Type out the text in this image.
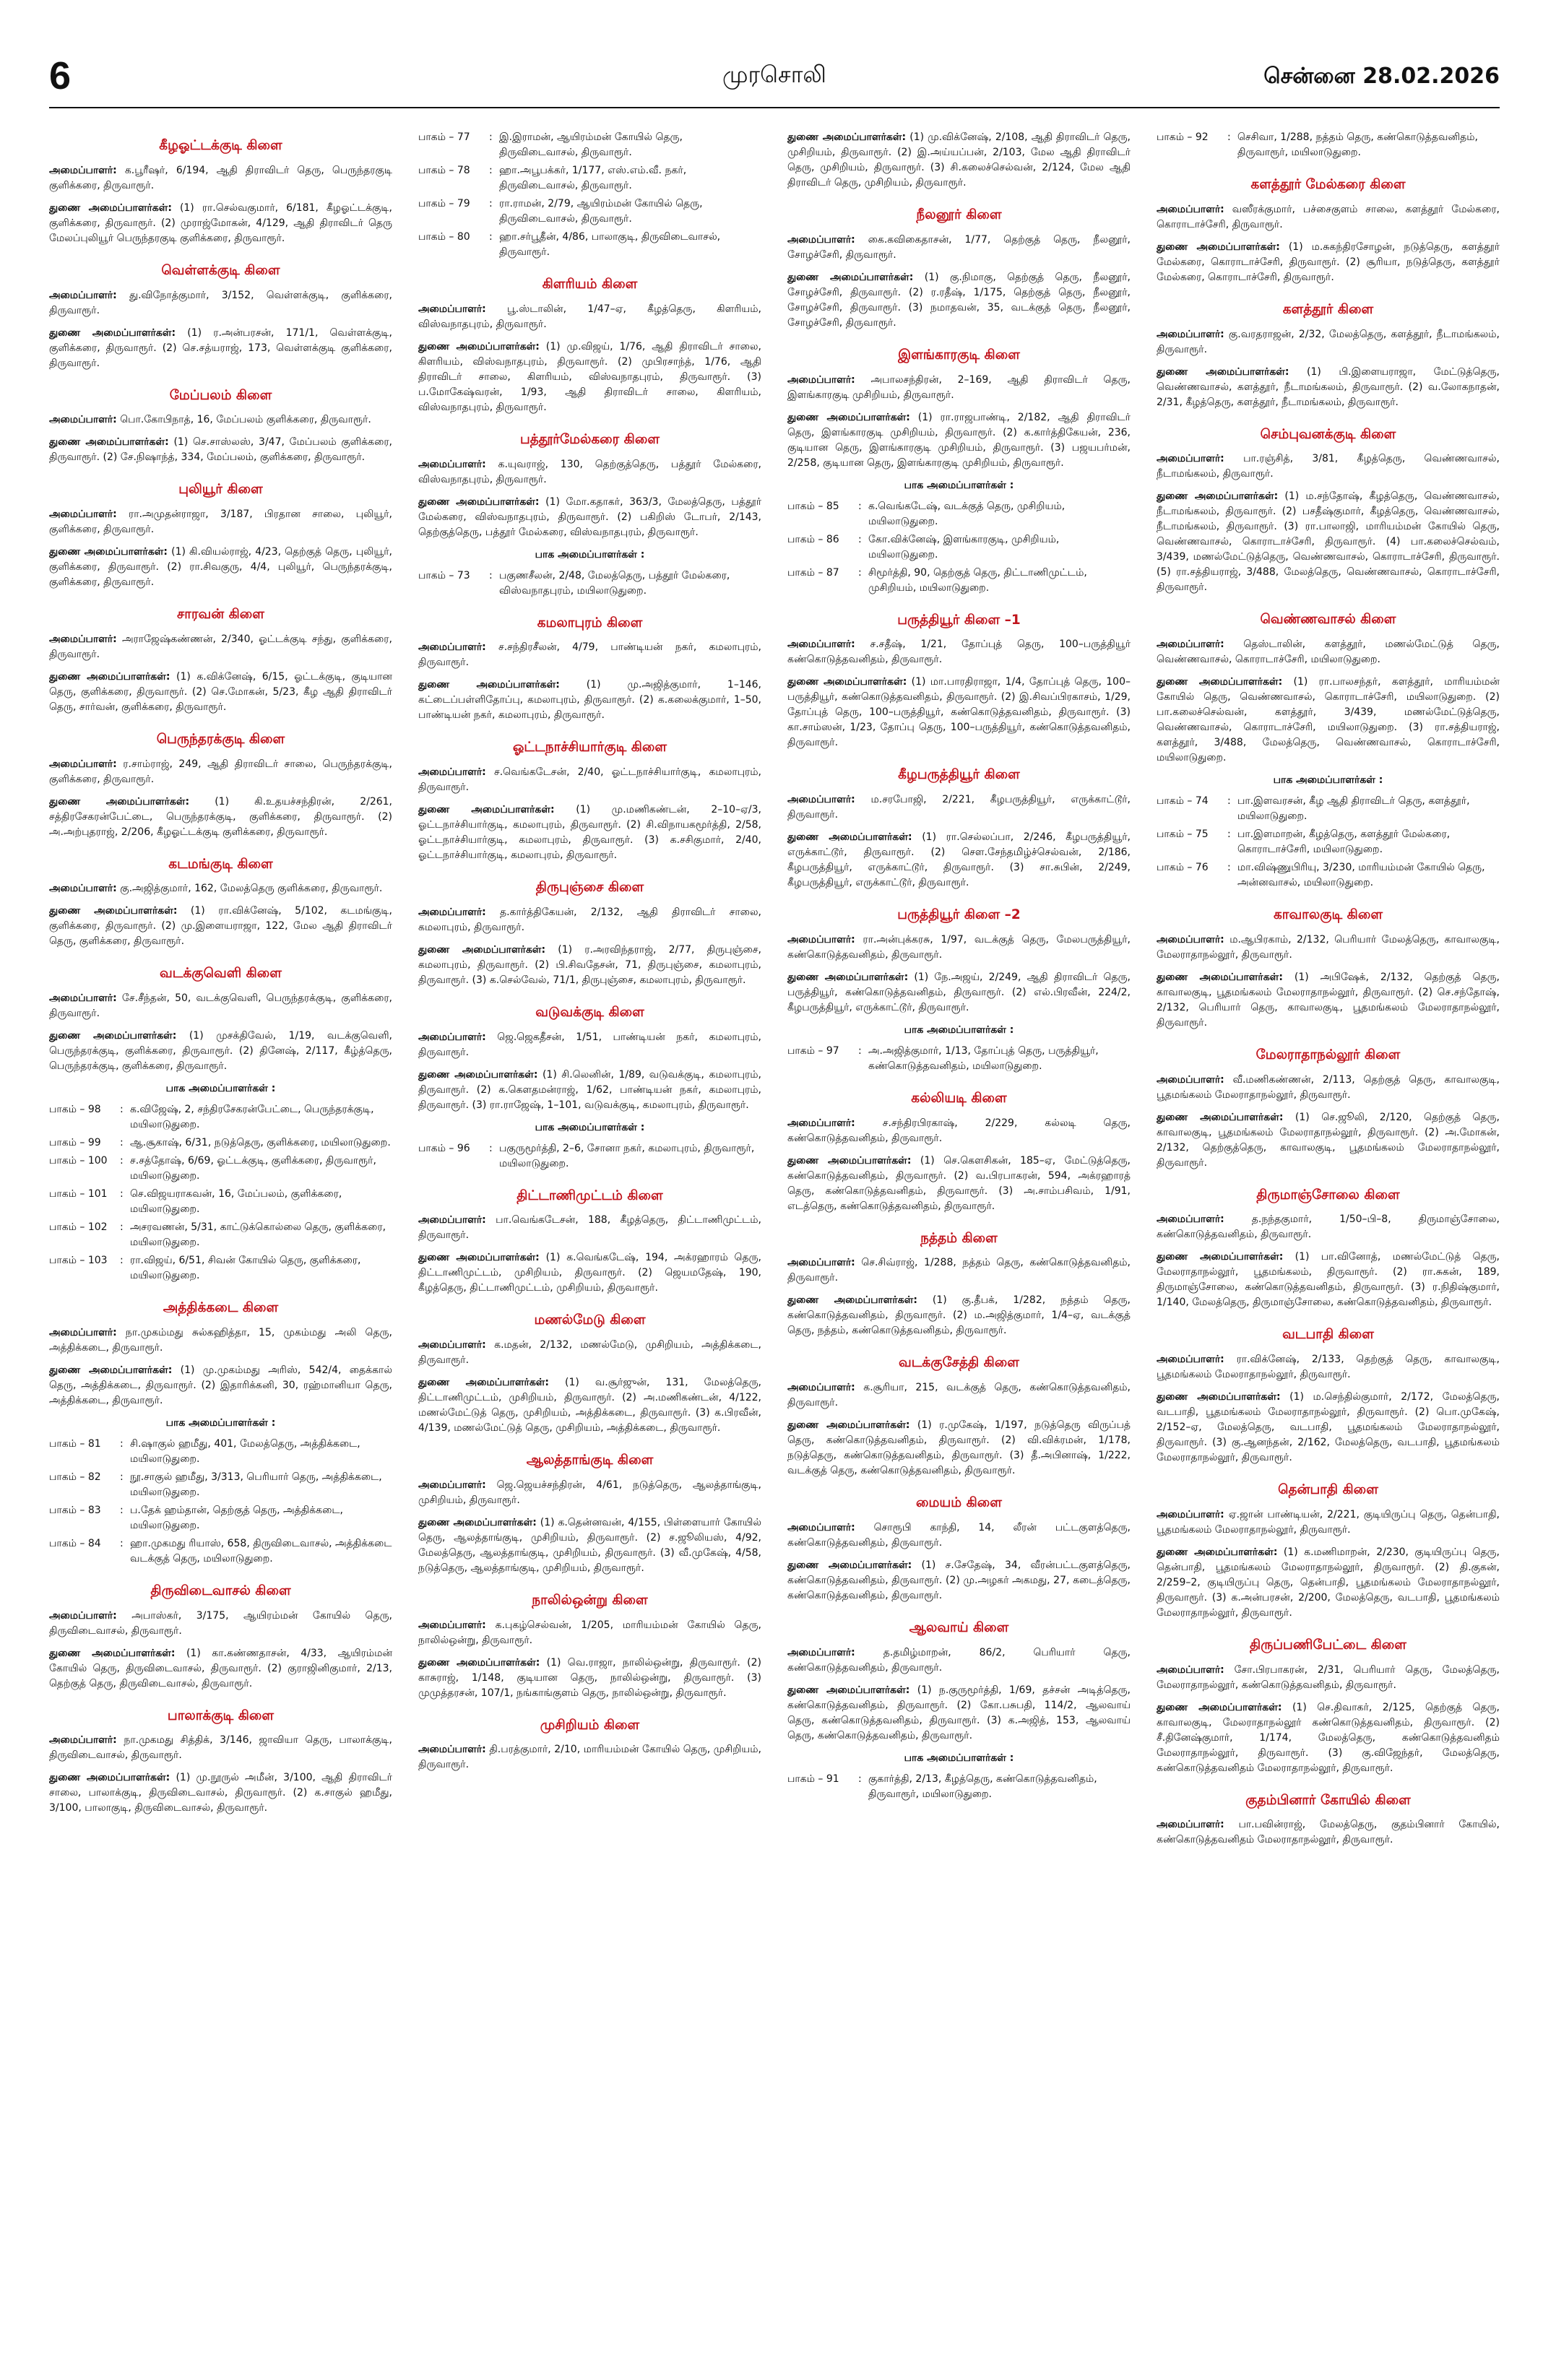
6	முரசொலி	சென்னை 28.02.2026
கீழஓட்டக்குடி கிளை

அமைப்பாளர்: க.பூரீஷர், 6/194, ஆதி திராவிடர் தெரு, பெருந்தரகுடி குளிக்கரை, திருவாரூர்.

துணை அமைப்பாளர்கள்: (1) ரா.செல்வகுமார், 6/181, கீழஓட்டக்குடி, குளிக்கரை, திருவாரூர். (2) முராஜ்மோகன், 4/129, ஆதி திராவிடர் தெரு மேலப்புலியூர் பெருந்தரகுடி குளிக்கரை, திருவாரூர்.

வெள்ளக்குடி கிளை

அமைப்பாளர்: து.விநோத்குமார், 3/152, வெள்ளக்குடி, குளிக்கரை, திருவாரூர்.

துணை அமைப்பாளர்கள்: (1) ர.அன்பரசன், 171/1, வெள்ளக்குடி, குளிக்கரை, திருவாரூர். (2) செ.சத்யராஜ், 173, வெள்ளக்குடி குளிக்கரை, திருவாரூர்.

மேப்பலம் கிளை

அமைப்பாளர்: பொ.கோபிநாத், 16, மேப்பலம் குளிக்கரை, திருவாரூர்.

துணை அமைப்பாளர்கள்: (1) செ.சாஸ்லஸ், 3/47, மேப்பலம் குளிக்கரை, திருவாரூர். (2) சே.நிஷாந்த், 334, மேப்பலம், குளிக்கரை, திருவாரூர்.

புலியூர் கிளை

அமைப்பாளர்: ரா.அமுதன்ராஜா, 3/187, பிரதான சாலை, புலியூர், குளிக்கரை, திருவாரூர்.

துணை அமைப்பாளர்கள்: (1) கி.வியல்ராஜ், 4/23, தெற்குத் தெரு, புலியூர், குளிக்கரை, திருவாரூர். (2) ரா.சிவகுரு, 4/4, புலியூர், பெருந்தரக்குடி, குளிக்கரை, திருவாரூர்.

சாரவன் கிளை

அமைப்பாளர்: அராஜேஷ்கண்ணன், 2/340, ஓட்டக்குடி சந்து, குளிக்கரை, திருவாரூர்.

துணை அமைப்பாளர்கள்: (1) க.விக்னேஷ், 6/15, ஓட்டக்குடி, குடியான தெரு, குளிக்கரை, திருவாரூர். (2) செ.மோகன், 5/23, கீழ ஆதி திராவிடர் தெரு, சார்வன், குளிக்கரை, திருவாரூர்.

பெருந்தரக்குடி கிளை

அமைப்பாளர்: ர.சாம்ராஜ், 249, ஆதி திராவிடர் சாலை, பெருந்தரக்குடி, குளிக்கரை, திருவாரூர்.

துணை அமைப்பாளர்கள்:	(1) கி.உதயச்சந்திரன், 2/261, சத்திரசேகரன்பேட்டை, பெருந்தரக்குடி, குளிக்கரை, திருவாரூர். (2) அ.அற்புதராஜ், 2/206, கீழஓட்டக்குடி குளிக்கரை, திருவாரூர்.

கடமங்குடி கிளை

அமைப்பாளர்: கு.அஜித்குமார், 162, மேலத்தெரு குளிக்கரை, திருவாரூர்.

துணை அமைப்பாளர்கள்: (1) ரா.விக்னேஷ், 5/102, கடமங்குடி, குளிக்கரை, திருவாரூர். (2) மு.இளையராஜா, 122, மேல ஆதி திராவிடர் தெரு, குளிக்கரை, திருவாரூர்.

வடக்குவெளி கிளை

அமைப்பாளர்: சே.சீந்தன், 50, வடக்குவெளி, பெருந்தரக்குடி, குளிக்கரை, திருவாரூர்.

துணை அமைப்பாளர்கள்: (1) முசக்திவேல், 1/19, வடக்குவெளி, பெருந்தரக்குடி, குளிக்கரை, திருவாரூர். (2) தினேஷ், 2/117, கீழ்த்தெரு, பெருந்தரக்குடி, குளிக்கரை, திருவாரூர்.

பாக அமைப்பாளர்கள் :
பாகம் – 98	: க.விஜேஷ், 2, சந்திரசேகரன்பேட்டை, பெருந்தரக்குடி, மயிலாடுதுறை.
பாகம் – 99	: ஆ.சூகாஷ், 6/31, நடுத்தெரு, குளிக்கரை, மயிலாடுதுறை.
பாகம் – 100	: ச.சத்தோஷ், 6/69, ஓட்டக்குடி, குளிக்கரை, திருவாரூர், மயிலாடுதுறை.
பாகம் – 101	: செ.விஜயராகவன், 16, மேப்பலம், குளிக்கரை, மயிலாடுதுறை.
பாகம் – 102	: அசரவணன், 5/31, காட்டுக்கொல்லை தெரு, குளிக்கரை, மயிலாடுதுறை.
பாகம் – 103	: ரா.விஜய், 6/51, சிவன் கோயில் தெரு, குளிக்கரை, மயிலாடுதுறை.
அத்திக்கடை கிளை

அமைப்பாளர்: நா.முகம்மது சுல்கஹித்தா, 15, முகம்மது அலி தெரு, அத்திக்கடை, திருவாரூர்.

துணை அமைப்பாளர்கள்: (1) மு.முகம்மது அரிஸ், 542/4, தைக்கால் தெரு, அத்திக்கடை, திருவாரூர். (2) இதாரிக்கனி, 30, ரஹ்மானியா தெரு, அத்திக்கடை, திருவாரூர்.

பாக அமைப்பாளர்கள் :
பாகம் – 81	: சி.ஷாகுல் ஹமீது, 401, மேலத்தெரு, அத்திக்கடை, மயிலாடுதுறை.
பாகம் – 82	: நூ.சாகுல் ஹமீது, 3/313, பெரியார் தெரு, அத்திக்கடை, மயிலாடுதுறை.
பாகம் – 83	: ப.தேக் ஹம்தான், தெற்குத் தெரு, அத்திக்கடை, மயிலாடுதுறை.
பாகம் – 84	: ஹா.முகமது ரியாஸ், 658, திருவிடைவாசல், அத்திக்கடை வடக்குத் தெரு, மயிலாடுதுறை.
திருவிடைவாசல் கிளை

அமைப்பாளர்: அபாஸ்கர், 3/175, ஆயிரம்மன் கோயில் தெரு, திருவிடைவாசல், திருவாரூர்.

துணை அமைப்பாளர்கள்: (1) கா.கண்ணதாசன், 4/33, ஆயிரம்மன் கோயில் தெரு, திருவிடைவாசல், திருவாரூர். (2) குராஜினிகுமார், 2/13, தெற்குத் தெரு, திருவிடைவாசல், திருவாரூர்.

பாலாக்குடி கிளை

அமைப்பாளர்: நா.முகமது சித்திக், 3/146, ஜாவியா தெரு, பாலாக்குடி, திருவிடைவாசல், திருவாரூர்.

துணை அமைப்பாளர்கள்: (1) மு.நூருல் அமீன், 3/100, ஆதி திராவிடர் சாலை, பாலாக்குடி, திருவிடைவாசல், திருவாரூர். (2) க.சாகுல் ஹமீது, 3/100, பாலாகுடி, திருவிடைவாசல், திருவாரூர்.

பாகம் – 77	: இ.இராமன், ஆயிரம்மன் கோயில் தெரு, திருவிடைவாசல், திருவாரூர்.
பாகம் – 78	: ஹா.அபூபக்கர், 1/177, எஸ்.எம்.வீ. நகர், திருவிடைவாசல், திருவாரூர்.
பாகம் – 79	: ரா.ராமன், 2/79, ஆயிரம்மன் கோயில் தெரு, திருவிடைவாசல், திருவாரூர்.
பாகம் – 80	: ஹா.சர்பூதீன், 4/86, பாலாகுடி, திருவிடைவாசல், திருவாரூர்.
கிளரியம் கிளை

அமைப்பாளர்: பூ.ஸ்டாலின், 1/47–ஏ, கீழத்தெரு, கிளரியம், விஸ்வநாதபுரம், திருவாரூர்.

துணை அமைப்பாளர்கள்: (1) மு.விஜய், 1/76, ஆதி திராவிடர் சாலை, கிளரியம், விஸ்வநாதபுரம், திருவாரூர். (2) முபிரசாந்த், 1/76, ஆதி திராவிடர் சாலை, கிளரியம், விஸ்வநாதபுரம், திருவாரூர். (3) ப.மோகேஷ்வரன், 1/93, ஆதி திராவிடர் சாலை, கிளரியம், விஸ்வநாதபுரம், திருவாரூர்.

பத்தூர்மேல்கரை கிளை

அமைப்பாளர்: க.யுவராஜ், 130, தெற்குத்தெரு, பத்தூர் மேல்கரை, விஸ்வநாதபுரம், திருவாரூர்.

துணை அமைப்பாளர்கள்: (1) மோ.கதாகர், 363/3, மேலத்தெரு, பத்தூர் மேல்கரை, விஸ்வநாதபுரம், திருவாரூர். (2) பகிறிஸ் டோபர், 2/143, தெற்குத்தெரு, பத்தூர் மேல்கரை, விஸ்வநாதபுரம், திருவாரூர்.

பாக அமைப்பாளர்கள் :
பாகம் – 73	: பகுணசீலன், 2/48, மேலத்தெரு, பத்தூர் மேல்கரை, விஸ்வநாதபுரம், மயிலாடுதுறை.
கமலாபுரம் கிளை

அமைப்பாளர்: ச.சந்திரசீலன், 4/79, பாண்டியன் நகர், கமலாபுரம், திருவாரூர்.

துணை அமைப்பாளர்கள்:	(1) மு.அஜித்குமார், 1–146, கட்டைப்பள்ளிதோப்பு, கமலாபுரம், திருவாரூர். (2) க.கலைக்குமார், 1–50, பாண்டியன் நகர், கமலாபுரம், திருவாரூர்.

ஓட்டநாச்சியார்குடி கிளை

அமைப்பாளர்: ச.வெங்கடேசன், 2/40, ஓட்டநாச்சியார்குடி, கமலாபுரம், திருவாரூர்.

துணை அமைப்பாளர்கள்: (1) மு.மணிகண்டன், 2–10–ஏ/3, ஓட்டநாச்சியார்குடி, கமலாபுரம், திருவாரூர். (2) சி.விநாயகமூர்த்தி, 2/58, ஓட்டநாச்சியார்குடி, கமலாபுரம், திருவாரூர். (3) க.சசிகுமார், 2/40, ஓட்டநாச்சியார்குடி, கமலாபுரம், திருவாரூர்.

திருபுஞ்சை கிளை

அமைப்பாளர்: த.கார்த்திகேயன், 2/132, ஆதி திராவிடர் சாலை, கமலாபுரம், திருவாரூர்.

துணை அமைப்பாளர்கள்: (1) ர.அரவிந்தராஜ், 2/77, திருபுஞ்சை, கமலாபுரம், திருவாரூர். (2) பி.சிவதேசன், 71, திருபுஞ்சை, கமலாபுரம், திருவாரூர். (3) க.செல்வேல், 71/1, திருபுஞ்சை, கமலாபுரம், திருவாரூர்.

வடுவக்குடி கிளை

அமைப்பாளர்: ஜெ.ஜெகதீசன், 1/51, பாண்டியன் நகர், கமலாபுரம், திருவாரூர்.

துணை அமைப்பாளர்கள்: (1) சி.லெனின், 1/89, வடுவக்குடி, கமலாபுரம், திருவாரூர். (2) க.கௌதமன்ராஜ், 1/62, பாண்டியன் நகர், கமலாபுரம், திருவாரூர். (3) ரா.ராஜேஷ், 1–101, வடுவக்குடி, கமலாபுரம், திருவாரூர்.

பாக அமைப்பாளர்கள் :
பாகம் – 96	: பகுருமூர்த்தி, 2–6, சோனா நகர், கமலாபுரம், திருவாரூர், மயிலாடுதுறை.
திட்டாணிமுட்டம் கிளை

அமைப்பாளர்: பா.வெங்கடேசன், 188, கீழத்தெரு, திட்டாணிமுட்டம், திருவாரூர்.

துணை அமைப்பாளர்கள்: (1) க.வெங்கடேஷ், 194, அக்ரஹாரம் தெரு, திட்டாணிமுட்டம், முசிறியம், திருவாரூர். (2) ஜெயமதேஷ், 190, கீழத்தெரு, திட்டாணிமுட்டம், முசிறியம், திருவாரூர்.

மணல்மேடு கிளை

அமைப்பாளர்: க.மதன், 2/132, மணல்மேடு, முசிறியம், அத்திக்கடை, திருவாரூர்.

துணை அமைப்பாளர்கள்: (1) வ.சூர்ஜுன், 131, மேலத்தெரு, திட்டாணிமுட்டம், முசிறியம், திருவாரூர். (2) அ.மணிகண்டன், 4/122, மணல்மேட்டுத் தெரு, முசிறியம், அத்திக்கடை, திருவாரூர். (3) க.பிரவீன், 4/139, மணல்மேட்டுத் தெரு, முசிறியம், அத்திக்கடை, திருவாரூர்.

ஆலத்தாங்குடி கிளை

அமைப்பாளர்: ஜெ.ஜெயச்சந்திரன், 4/61, நடுத்தெரு, ஆலத்தாங்குடி, முசிறியம், திருவாரூர்.

துணை அமைப்பாளர்கள்: (1) க.தென்னவன், 4/155, பிள்ளையார் கோயில் தெரு, ஆலத்தாங்குடி, முசிறியம், திருவாரூர். (2) ச.ஜூலியஸ், 4/92, மேலத்தெரு, ஆலத்தாங்குடி, முசிறியம், திருவாரூர். (3) வீ.முகேஷ், 4/58, நடுத்தெரு, ஆலத்தாங்குடி, முசிறியம், திருவாரூர்.

நாலில்ஒன்று கிளை

அமைப்பாளர்: க.புகழ்செல்வன், 1/205, மாரியம்மன் கோயில் தெரு, நாலில்ஒன்று, திருவாரூர்.

துணை அமைப்பாளர்கள்: (1) வெ.ராஜா, நாலில்ஒன்று, திருவாரூர். (2) காசுராஜ், 1/148, குடியான தெரு, நாலில்ஒன்று, திருவாரூர். (3) முமுத்தரசன், 107/1, நங்காங்குளம் தெரு, நாலில்ஒன்று, திருவாரூர்.

முசிறியம் கிளை

அமைப்பாளர்: தி.பரத்குமார், 2/10, மாரியம்மன் கோயில் தெரு, முசிறியம், திருவாரூர்.

துணை அமைப்பாளர்கள்: (1) மு.விக்னேஷ், 2/108, ஆதி திராவிடர் தெரு, முசிறியம், திருவாரூர். (2) இ.அய்யப்பன், 2/103, மேல ஆதி திராவிடர் தெரு, முசிறியம், திருவாரூர். (3) சி.கலைச்செல்வன், 2/124, மேல ஆதி திராவிடர் தெரு, முசிறியம், திருவாரூர்.

நீலனூர் கிளை

அமைப்பாளர்: கை.கவிகைதாசன், 1/77, தெற்குத் தெரு, நீலனூர், சோழச்சேரி, திருவாரூர்.

துணை அமைப்பாளர்கள்: (1) கு.நிமாகு, தெற்குத் தெரு, நீலனூர், சோழச்சேரி, திருவாரூர். (2) ர.ரதீஷ், 1/175, தெற்குத் தெரு, நீலனூர், சோழச்சேரி, திருவாரூர். (3) நமாதவன், 35, வடக்குத் தெரு, நீலனூர், சோழச்சேரி, திருவாரூர்.

இளங்காரகுடி கிளை

அமைப்பாளர்: அபாலசந்திரன், 2–169, ஆதி திராவிடர் தெரு, இளங்காரகுடி முசிறியம், திருவாரூர்.

துணை அமைப்பாளர்கள்: (1) ரா.ராஜபாண்டி, 2/182, ஆதி திராவிடர் தெரு, இளங்காரகுடி முசிறியம், திருவாரூர். (2) க.கார்த்திகேயன், 236, குடியான தெரு, இளங்காரகுடி முசிறியம், திருவாரூர். (3) பஜயபர்மன், 2/258, குடியான தெரு, இளங்காரகுடி முசிறியம், திருவாரூர்.

பாக அமைப்பாளர்கள் :
பாகம் – 85	: க.வெங்கடேஷ், வடக்குத் தெரு, முசிறியம், மயிலாடுதுறை.
பாகம் – 86	: கோ.விக்னேஷ், இளங்காரகுடி, முசிறியம், மயிலாடுதுறை.
பாகம் – 87	: சிமூர்த்தி, 90, தெற்குத் தெரு, திட்டாணிமுட்டம், முசிறியம், மயிலாடுதுறை.
பருத்தியூர் கிளை –1

அமைப்பாளர்: ச.சதீஷ், 1/21, தோப்புத் தெரு, 100–பருத்தியூர் கண்கொடுத்தவனிதம், திருவாரூர்.

துணை அமைப்பாளர்கள்: (1) மா.பாரதிராஜா, 1/4, தோப்புத் தெரு, 100–பருத்தியூர், கண்கொடுத்தவனிதம், திருவாரூர். (2) இ.சிவப்பிரகாசம், 1/29, தோப்புத் தெரு, 100–பருத்தியூர், கண்கொடுத்தவனிதம், திருவாரூர். (3) கா.சாம்ஸன், 1/23, தோப்பு தெரு, 100–பருத்தியூர், கண்கொடுத்தவனிதம், திருவாரூர்.

கீழபருத்தியூர் கிளை

அமைப்பாளர்: ம.சரபோஜி, 2/221, கீழபருத்தியூர், எருக்காட்டூர், திருவாரூர்.

துணை அமைப்பாளர்கள்: (1) ரா.செல்லப்பா, 2/246, கீழபருத்தியூர், எருக்காட்டூர், திருவாரூர். (2) செள.சேந்தமிழ்ச்செல்வன், 2/186, கீழபருத்தியூர், எருக்காட்டூர், திருவாரூர். (3) சா.சுபின், 2/249, கீழபருத்தியூர், எருக்காட்டூர், திருவாரூர்.

பருத்தியூர் கிளை –2

அமைப்பாளர்: ரா.அன்புக்கரசு, 1/97, வடக்குத் தெரு, மேலபருத்தியூர், கண்கொடுத்தவனிதம், திருவாரூர்.

துணை அமைப்பாளர்கள்: (1) நே.அஜய், 2/249, ஆதி திராவிடர் தெரு, பருத்தியூர், கண்கொடுத்தவனிதம், திருவாரூர். (2) எல்.பிரவீன், 224/2, கீழபருத்தியூர், எருக்காட்டூர், திருவாரூர்.

பாக அமைப்பாளர்கள் :
பாகம் – 97	: அ.அஜித்குமார், 1/13, தோப்புத் தெரு, பருத்தியூர், கண்கொடுத்தவனிதம், மயிலாடுதுறை.
கல்லியடி கிளை

அமைப்பாளர்:	ச.சந்திரபிரகாஷ், 2/229, கல்லடி தெரு, கண்கொடுத்தவனிதம், திருவாரூர்.

துணை அமைப்பாளர்கள்: (1) செ.கௌசிகன், 185–ஏ, மேட்டுத்தெரு, கண்கொடுத்தவனிதம், திருவாரூர். (2) வ.பிரபாகரன், 594, அக்ரஹாரத் தெரு, கண்கொடுத்தவனிதம், திருவாரூர். (3) அ.சாம்பசிவம், 1/91, எடத்தெரு, கண்கொடுத்தவனிதம், திருவாரூர்.

நத்தம் கிளை

அமைப்பாளர்: செ.சிவ்ராஜ், 1/288, நத்தம் தெரு, கண்கொடுத்தவனிதம், திருவாரூர்.

துணை அமைப்பாளர்கள்: (1) கு.தீபக், 1/282, நத்தம் தெரு, கண்கொடுத்தவனிதம், திருவாரூர். (2) ம.அஜித்குமார், 1/4–ஏ, வடக்குத் தெரு, நத்தம், கண்கொடுத்தவனிதம், திருவாரூர்.

வடக்குசேத்தி கிளை

அமைப்பாளர்: க.சூரியா, 215, வடக்குத் தெரு, கண்கொடுத்தவனிதம், திருவாரூர்.

துணை அமைப்பாளர்கள்: (1) ர.முகேஷ், 1/197, நடுத்தெரு விருப்பத் தெரு, கண்கொடுத்தவனிதம், திருவாரூர். (2) வி.விக்ரமன், 1/178, நடுத்தெரு, கண்கொடுத்தவனிதம், திருவாரூர். (3) தீ.அபினாஷ், 1/222, வடக்குத் தெரு, கண்கொடுத்தவனிதம், திருவாரூர்.

மையம் கிளை

அமைப்பாளர்: சொரூபி காந்தி, 14, லீரன் பட்டகுளத்தெரு, கண்கொடுத்தவனிதம், திருவாரூர்.

துணை அமைப்பாளர்கள்: (1) ச.சேதேஷ், 34, வீரன்பட்டகுளத்தெரு, கண்கொடுத்தவனிதம், திருவாரூர். (2) மு.அழகர் அகமது, 27, கடைத்தெரு, கண்கொடுத்தவனிதம், திருவாரூர்.

ஆலவாய் கிளை

அமைப்பாளர்:	த.தமிழ்மாறன், 86/2, பெரியார் தெரு, கண்கொடுத்தவனிதம், திருவாரூர்.

துணை அமைப்பாளர்கள்: (1) ந.குருமூர்த்தி, 1/69, தச்சன் அடித்தெரு, கண்கொடுத்தவனிதம், திருவாரூர். (2) கோ.பசுபதி, 114/2, ஆலவாய் தெரு, கண்கொடுத்தவனிதம், திருவாரூர். (3) க.அஜித், 153, ஆலவாய் தெரு, கண்கொடுத்தவனிதம், திருவாரூர்.

பாக அமைப்பாளர்கள் :
பாகம் – 91	: குகார்த்தி, 2/13, கீழத்தெரு, கண்கொடுத்தவனிதம், திருவாரூர், மயிலாடுதுறை.
பாகம் – 92	: செசிவா, 1/288, நத்தம் தெரு, கண்கொடுத்தவனிதம், திருவாரூர், மயிலாடுதுறை.
களத்தூர் மேல்கரை கிளை

அமைப்பாளர்: வஸீரக்குமார், பச்சைகுளம் சாலை, களத்தூர் மேல்கரை, கொராடாச்சேரி, திருவாரூர்.

துணை அமைப்பாளர்கள்: (1) ம.சுகந்திரசோழன், நடுத்தெரு, களத்தூர் மேல்கரை, கொராடாச்சேரி, திருவாரூர். (2) சூரியா, நடுத்தெரு, களத்தூர் மேல்கரை, கொராடாச்சேரி, திருவாரூர்.

களத்தூர் கிளை

அமைப்பாளர்: கு.வரதராஜன், 2/32, மேலத்தெரு, களத்தூர், நீடாமங்கலம், திருவாரூர்.

துணை அமைப்பாளர்கள்: (1) பி.இளையராஜா, மேட்டுத்தெரு, வெண்ணவாசல், களத்தூர், நீடாமங்கலம், திருவாரூர். (2) வ.லோகநாதன், 2/31, கீழத்தெரு, களத்தூர், நீடாமங்கலம், திருவாரூர்.

செம்புவனக்குடி கிளை

அமைப்பாளர்: பா.ரஞ்சித், 3/81, கீழத்தெரு, வெண்ணவாசல், நீடாமங்கலம், திருவாரூர்.

துணை அமைப்பாளர்கள்: (1) ம.சந்தோஷ், கீழத்தெரு, வெண்ணவாசல், நீடாமங்கலம், திருவாரூர். (2) பசதீஷ்குமார், கீழத்தெரு, வெண்ணவாசல், நீடாமங்கலம், திருவாரூர். (3) ரா.பாலாஜி, மாரியம்மன் கோயில் தெரு, வெண்ணவாசல், கொராடாச்சேரி, திருவாரூர். (4) பா.கலைச்செல்வம், 3/439, மணல்மேட்டுத்தெரு, வெண்ணவாசல், கொராடாச்சேரி, திருவாரூர். (5) ரா.சத்தியராஜ், 3/488, மேலத்தெரு, வெண்ணவாசல், கொராடாச்சேரி, திருவாரூர்.

வெண்ணவாசல் கிளை

அமைப்பாளர்: தெஸ்டாலின், களத்தூர், மணல்மேட்டுத் தெரு, வெண்ணவாசல், கொராடாச்சேரி, மயிலாடுதுறை.

துணை அமைப்பாளர்கள்: (1) ரா.பாலசந்தர், களத்தூர், மாரியம்மன் கோயில் தெரு, வெண்ணவாசல், கொராடாச்சேரி, மயிலாடுதுறை. (2) பா.கலைச்செல்வன், களத்தூர், 3/439, மணல்மேட்டுத்தெரு, வெண்ணவாசல், கொராடாச்சேரி, மயிலாடுதுறை. (3) ரா.சத்தியராஜ், களத்தூர், 3/488, மேலத்தெரு, வெண்ணவாசல், கொராடாச்சேரி, மயிலாடுதுறை.

பாக அமைப்பாளர்கள் :
பாகம் – 74	: பா.இளவரசன், கீழ ஆதி திராவிடர் தெரு, களத்தூர், மயிலாடுதுறை.
பாகம் – 75	: பா.இளமாறன், கீழத்தெரு, களத்தூர் மேல்கரை, கொராடாச்சேரி, மயிலாடுதுறை.
பாகம் – 76	: மா.விஷ்ணுபிரியு, 3/230, மாரியம்மன் கோயில் தெரு, அன்னவாசல், மயிலாடுதுறை.
காவாலகுடி கிளை

அமைப்பாளர்: ம.ஆபிரகாம், 2/132, பெரியார் மேலத்தெரு, காவாலகுடி, மேலராதாநல்லூர், திருவாரூர்.

துணை அமைப்பாளர்கள்: (1) அபிஷேக், 2/132, தெற்குத் தெரு, காவாலகுடி, பூதமங்கலம் மேலராதாநல்லூர், திருவாரூர். (2) செ.சந்தோஷ், 2/132, பெரியார் தெரு, காவாலகுடி, பூதமங்கலம் மேலராதாநல்லூர், திருவாரூர்.

மேலராதாநல்லூர் கிளை

அமைப்பாளர்: வீ.மணிகண்ணன், 2/113, தெற்குத் தெரு, காவாலகுடி, பூதமங்கலம் மேலராதாநல்லூர், திருவாரூர்.

துணை அமைப்பாளர்கள்: (1) செ.ஜூலி, 2/120, தெற்குத் தெரு, காவாலகுடி, பூதமங்கலம் மேலராதாநல்லூர், திருவாரூர். (2) அ.மோகன், 2/132, தெற்குத்தெரு, காவாலகுடி, பூதமங்கலம் மேலராதாநல்லூர், திருவாரூர்.

திருமாஞ்சோலை கிளை

அமைப்பாளர்:	த.நந்தகுமார், 1/50–பி–8, திருமாஞ்சோலை, கண்கொடுத்தவனிதம், திருவாரூர்.

துணை அமைப்பாளர்கள்: (1) பா.வினோத், மணல்மேட்டுத் தெரு, மேலராதாநல்லூர், பூதமங்கலம், திருவாரூர். (2) ரா.சுகன், 189, திருமாஞ்சோலை, கண்கொடுத்தவனிதம், திருவாரூர். (3) ர.நிதிஷ்குமார், 1/140, மேலத்தெரு, திருமாஞ்சோலை, கண்கொடுத்தவனிதம், திருவாரூர்.

வடபாதி கிளை

அமைப்பாளர்: ரா.விக்னேஷ், 2/133, தெற்குத் தெரு, காவாலகுடி, பூதமங்கலம் மேலராதாநல்லூர், திருவாரூர்.

துணை அமைப்பாளர்கள்: (1) ம.செந்தில்குமார், 2/172, மேலத்தெரு, வடபாதி, பூதமங்கலம் மேலராதாநல்லூர், திருவாரூர். (2) பொ.முகேஷ், 2/152–ஏ, மேலத்தெரு, வடபாதி, பூதமங்கலம் மேலராதாநல்லூர், திருவாரூர். (3) கு.ஆனந்தன், 2/162, மேலத்தெரு, வடபாதி, பூதமங்கலம் மேலராதாநல்லூர், திருவாரூர்.

தென்பாதி கிளை

அமைப்பாளர்: ஏ.ஜான் பாண்டியன், 2/221, குடியிருப்பு தெரு, தென்பாதி, பூதமங்கலம் மேலராதாநல்லூர், திருவாரூர்.

துணை அமைப்பாளர்கள்: (1) க.மணிமாறன், 2/230, குடியிருப்பு தெரு, தென்பாதி, பூதமங்கலம் மேலராதாநல்லூர், திருவாரூர். (2) தி.குகன், 2/259–2, குடியிருப்பு தெரு, தென்பாதி, பூதமங்கலம் மேலராதாநல்லூர், திருவாரூர். (3) க.அன்பரசன், 2/200, மேலத்தெரு, வடபாதி, பூதமங்கலம் மேலராதாநல்லூர், திருவாரூர்.

திருப்பணிபேட்டை கிளை

அமைப்பாளர்: சோ.பிரபாகரன், 2/31, பெரியார் தெரு, மேலத்தெரு, மேலராதாநல்லூர், கண்கொடுத்தவனிதம், திருவாரூர்.

துணை அமைப்பாளர்கள்: (1) செ.திவாகர், 2/125, தெற்குத் தெரு, காவாலகுடி, மேலராதாநல்லூர் கண்கொடுத்தவனிதம், திருவாரூர். (2) சீ.தினேஷ்குமார், 1/174, மேலத்தெரு, கண்கொடுத்தவனிதம் மேலராதாநல்லூர், திருவாரூர். (3) கு.விஜேந்தர், மேலத்தெரு, கண்கொடுத்தவனிதம் மேலராதாநல்லூர், திருவாரூர்.

குதம்பினார் கோயில் கிளை

அமைப்பாளர்: பா.பவின்ராஜ், மேலத்தெரு, குதம்பினார் கோயில், கண்கொடுத்தவனிதம் மேலராதாநல்லூர், திருவாரூர்.
